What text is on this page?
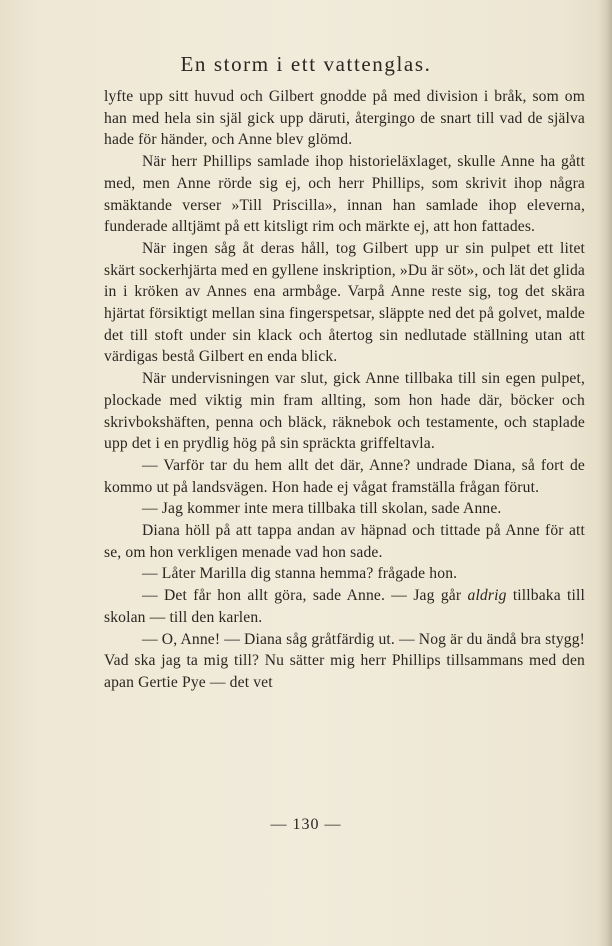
En storm i ett vattenglas.

lyfte upp sitt huvud och Gilbert gnodde på med division i bråk, som om han med hela sin själ gick upp däruti, återgingo de snart till vad de själva hade för händer, och Anne blev glömd.

När herr Phillips samlade ihop historieläxlaget, skulle Anne ha gått med, men Anne rörde sig ej, och herr Phillips, som skrivit ihop några smäktande verser »Till Priscilla», innan han samlade ihop eleverna, funderade alltjämt på ett kitsligt rim och märkte ej, att hon fattades.

När ingen såg åt deras håll, tog Gilbert upp ur sin pulpet ett litet skärt sockerhjärta med en gyllene inskription, »Du är söt», och lät det glida in i kröken av Annes ena armbåge. Varpå Anne reste sig, tog det skära hjärtat försiktigt mellan sina fingerspetsar, släppte ned det på golvet, malde det till stoft under sin klack och återtog sin nedlutade ställning utan att värdigas bestå Gilbert en enda blick.

När undervisningen var slut, gick Anne tillbaka till sin egen pulpet, plockade med viktig min fram allting, som hon hade där, böcker och skrivbokshäften, penna och bläck, räknebok och testamente, och staplade upp det i en prydlig hög på sin spräckta griffeltavla.

— Varför tar du hem allt det där, Anne? undrade Diana, så fort de kommo ut på landsvägen. Hon hade ej vågat framställa frågan förut.

— Jag kommer inte mera tillbaka till skolan, sade Anne.

Diana höll på att tappa andan av häpnad och tittade på Anne för att se, om hon verkligen menade vad hon sade.

— Låter Marilla dig stanna hemma? frågade hon.

— Det får hon allt göra, sade Anne. — Jag går aldrig tillbaka till skolan — till den karlen.

— O, Anne! — Diana såg gråtfärdig ut. — Nog är du ändå bra stygg! Vad ska jag ta mig till? Nu sätter mig herr Phillips tillsammans med den apan Gertie Pye — det vet

— 130 —
